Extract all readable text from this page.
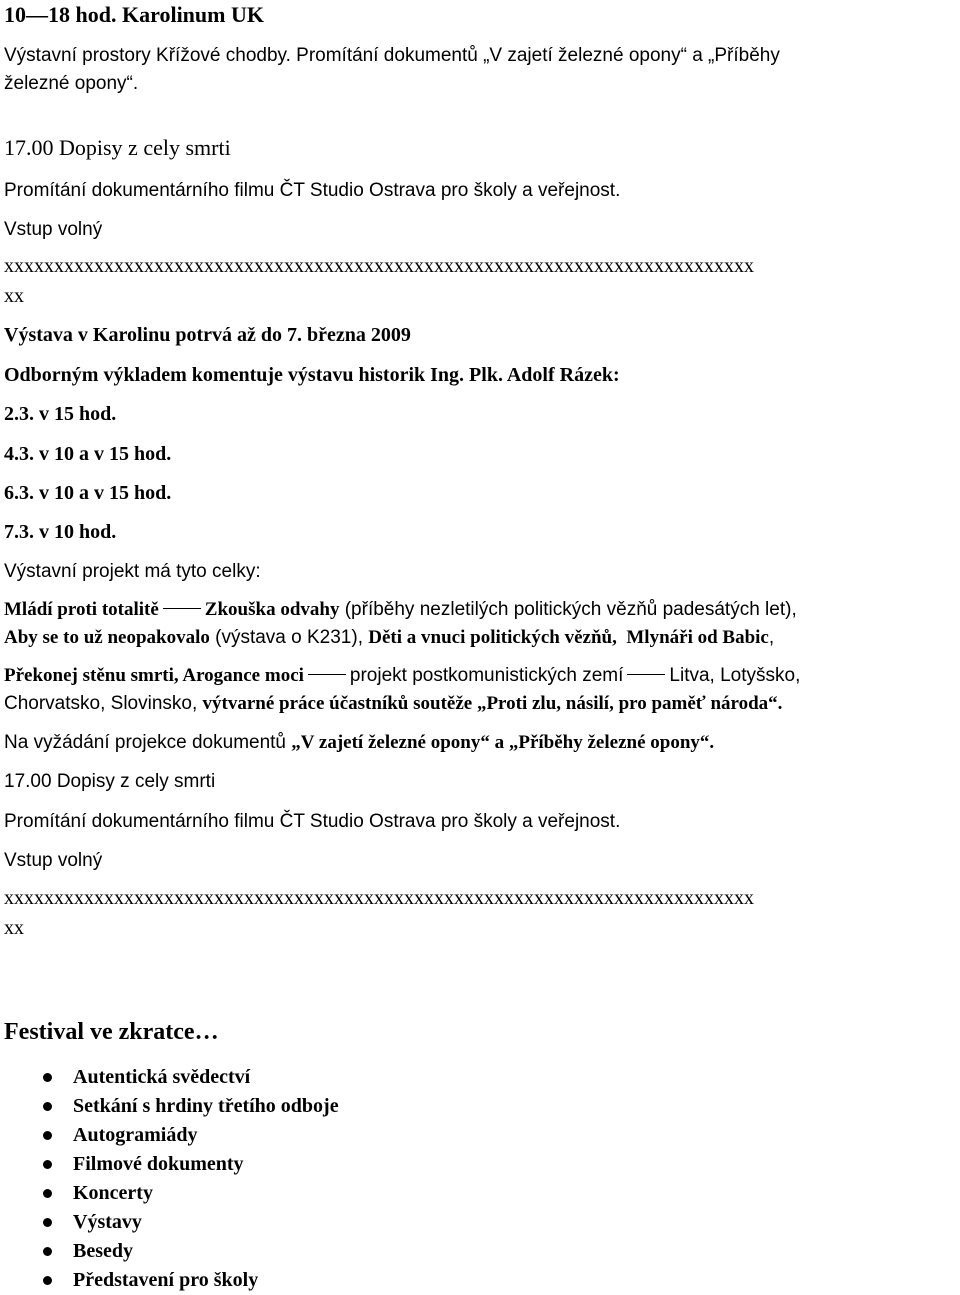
10—18 hod. Karolinum UK
Výstavní prostory Křížové chodby. Promítání dokumentů „V zajetí železné opony“ a „Příběhy
železné opony“.
17.00 Dopisy z cely smrti
Promítání dokumentárního filmu ČT Studio Ostrava pro školy a veřejnost.
Vstup volný
xxxxxxxxxxxxxxxxxxxxxxxxxxxxxxxxxxxxxxxxxxxxxxxxxxxxxxxxxxxxxxxxxxxxxxxxxxx
xx
Výstava v Karolinu potrvá až do 7. března 2009
Odborným výkladem komentuje výstavu historik Ing. Plk. Adolf Rázek:
2.3. v 15 hod.
4.3. v 10 a v 15 hod.
6.3. v 10 a v 15 hod.
7.3. v 10 hod.
Výstavní projekt má tyto celky:
Mládí proti totalitě Zkouška odvahy (příběhy nezletilých politických vězňů padesátých let),
Aby se to už neopakovalo (výstava o K231), Děti a vnuci politických vězňů, Mlynáři od Babic,
Překonej stěnu smrti, Arogance moci projekt postkomunistických zemí Litva, Lotyšsko,
Chorvatsko, Slovinsko, výtvarné práce účastníků soutěže „Proti zlu, násilí, pro paměť národa“.
Na vyžádání projekce dokumentů „V zajetí železné opony“ a „Příběhy železné opony“.
17.00 Dopisy z cely smrti
Promítání dokumentárního filmu ČT Studio Ostrava pro školy a veřejnost.
Vstup volný
xxxxxxxxxxxxxxxxxxxxxxxxxxxxxxxxxxxxxxxxxxxxxxxxxxxxxxxxxxxxxxxxxxxxxxxxxxx
xx
Festival ve zkratce…
Autentická svědectví
Setkání s hrdiny třetího odboje
Autogramiády
Filmové dokumenty
Koncerty
Výstavy
Besedy
Představení pro školy
